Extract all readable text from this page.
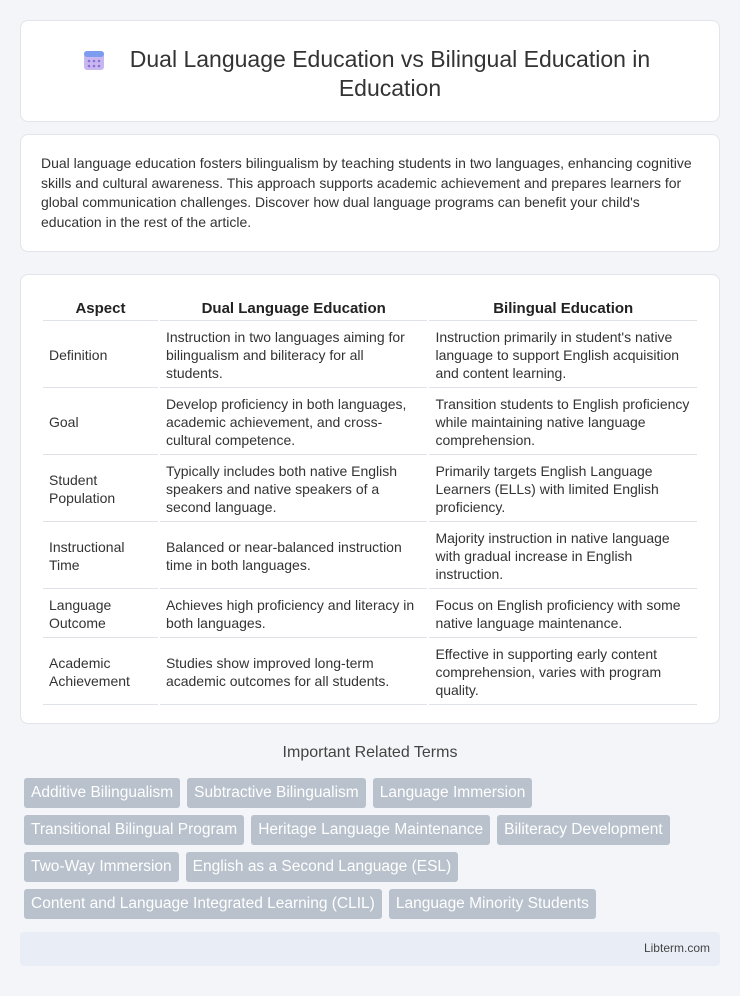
Dual Language Education vs Bilingual Education in Education

Dual language education fosters bilingualism by teaching students in two languages, enhancing cognitive skills and cultural awareness. This approach supports academic achievement and prepares learners for global communication challenges. Discover how dual language programs can benefit your child's education in the rest of the article.

Aspect	Dual Language Education	Bilingual Education
Definition	Instruction in two languages aiming for bilingualism and biliteracy for all students.	Instruction primarily in student's native language to support English acquisition and content learning.
Goal	Develop proficiency in both languages, academic achievement, and cross-cultural competence.	Transition students to English proficiency while maintaining native language comprehension.
Student Population	Typically includes both native English speakers and native speakers of a second language.	Primarily targets English Language Learners (ELLs) with limited English proficiency.
Instructional Time	Balanced or near-balanced instruction time in both languages.	Majority instruction in native language with gradual increase in English instruction.
Language Outcome	Achieves high proficiency and literacy in both languages.	Focus on English proficiency with some native language maintenance.
Academic Achievement	Studies show improved long-term academic outcomes for all students.	Effective in supporting early content comprehension, varies with program quality.
Important Related Terms
Additive Bilingualism	Subtractive Bilingualism	Language Immersion
Transitional Bilingual Program	Heritage Language Maintenance	Biliteracy Development
Two-Way Immersion	English as a Second Language (ESL)
Content and Language Integrated Learning (CLIL)	Language Minority Students
Libterm.com
